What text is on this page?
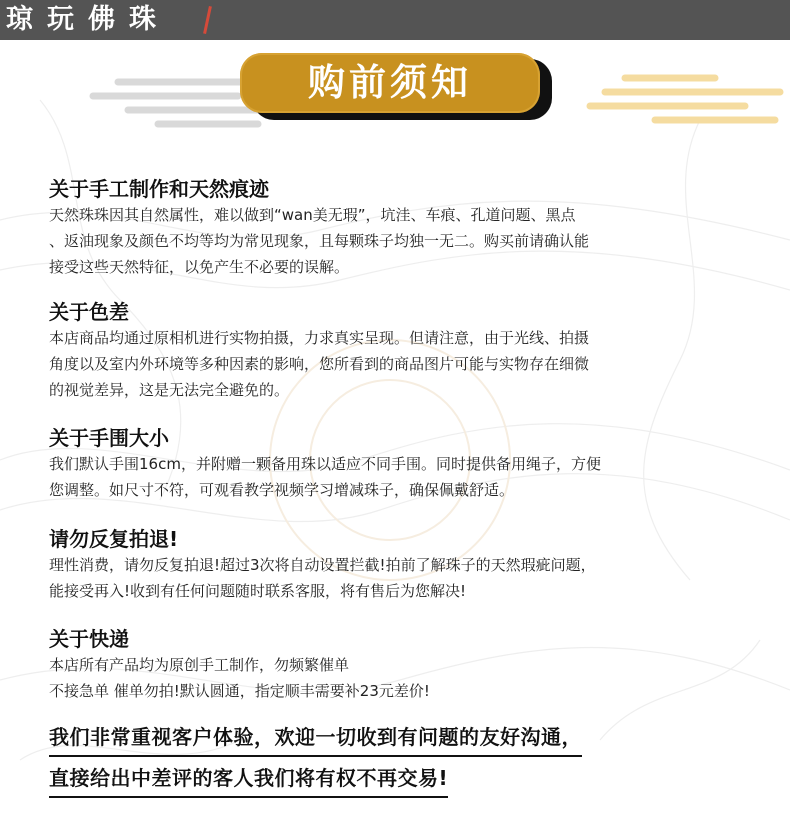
琼玩佛珠
购前须知
关于手工制作和天然痕迹

天然珠珠因其自然属性，难以做到“wan美无瑕”，坑洼、车痕、孔道问题、黑点
、返油现象及颜色不均等均为常见现象，且每颗珠子均独一无二。购买前请确认能
接受这些天然特征，以免产生不必要的误解。

关于色差

本店商品均通过原相机进行实物拍摄，力求真实呈现。但请注意，由于光线、拍摄
角度以及室内外环境等多种因素的影响，您所看到的商品图片可能与实物存在细微
的视觉差异，这是无法完全避免的。

关于手围大小

我们默认手围16cm，并附赠一颗备用珠以适应不同手围。同时提供备用绳子，方便
您调整。如尺寸不符，可观看教学视频学习增减珠子，确保佩戴舒适。

请勿反复拍退!

理性消费，请勿反复拍退!超过3次将自动设置拦截!拍前了解珠子的天然瑕疵问题，
能接受再入!收到有任何问题随时联系客服，将有售后为您解决!

关于快递

本店所有产品均为原创手工制作，勿频繁催单
不接急单 催单勿拍!默认圆通，指定顺丰需要补23元差价!

我们非常重视客户体验，欢迎一切收到有问题的友好沟通，
直接给出中差评的客人我们将有权不再交易!
